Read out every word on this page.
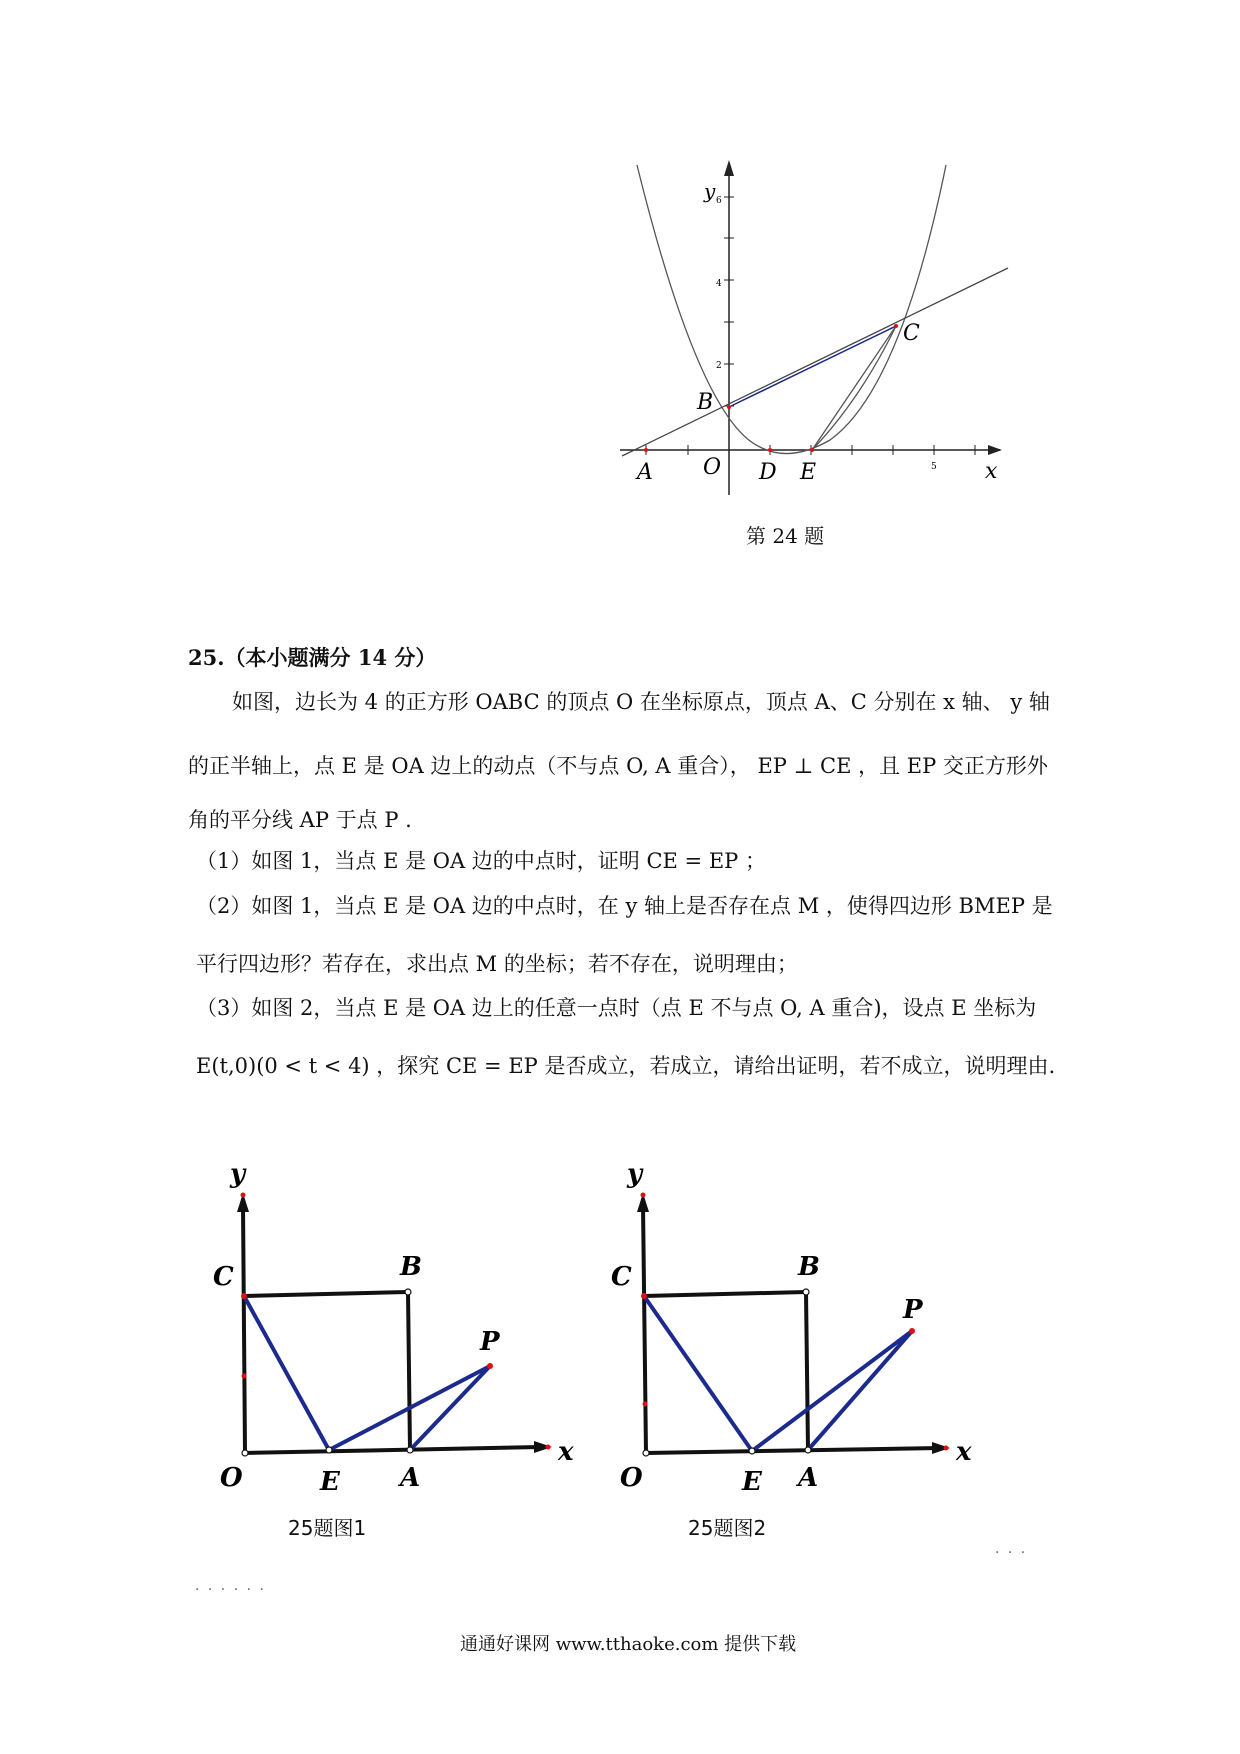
y 6
4
2
5 x
A O D E
B
C
第 24 题
25.（本小题满分 14 分）
如图，边长为 4 的正方形 OABC 的顶点 O 在坐标原点，顶点 A、C 分别在 x 轴、 y 轴
的正半轴上，点 E 是 OA 边上的动点（不与点 O, A 重合）， EP ⊥ CE ，且 EP 交正方形外
角的平分线 AP 于点 P .
（1）如图 1，当点 E 是 OA 边的中点时，证明 CE = EP ；
（2）如图 1，当点 E 是 OA 边的中点时，在 y 轴上是否存在点 M ，使得四边形 BMEP 是
平行四边形？若存在，求出点 M 的坐标；若不存在，说明理由；
（3）如图 2，当点 E 是 OA 边上的任意一点时（点 E 不与点 O, A 重合)，设点 E 坐标为
E(t,0)(0 < t < 4) ，探究 CE = EP 是否成立，若成立，请给出证明，若不成立，说明理由.
y
C	B
P
O	E A
x
25题图1
y
C	B
P
O	E A
x
25题图2
· · ·
· · · · · ·
通通好课网 www.tthaoke.com 提供下载
